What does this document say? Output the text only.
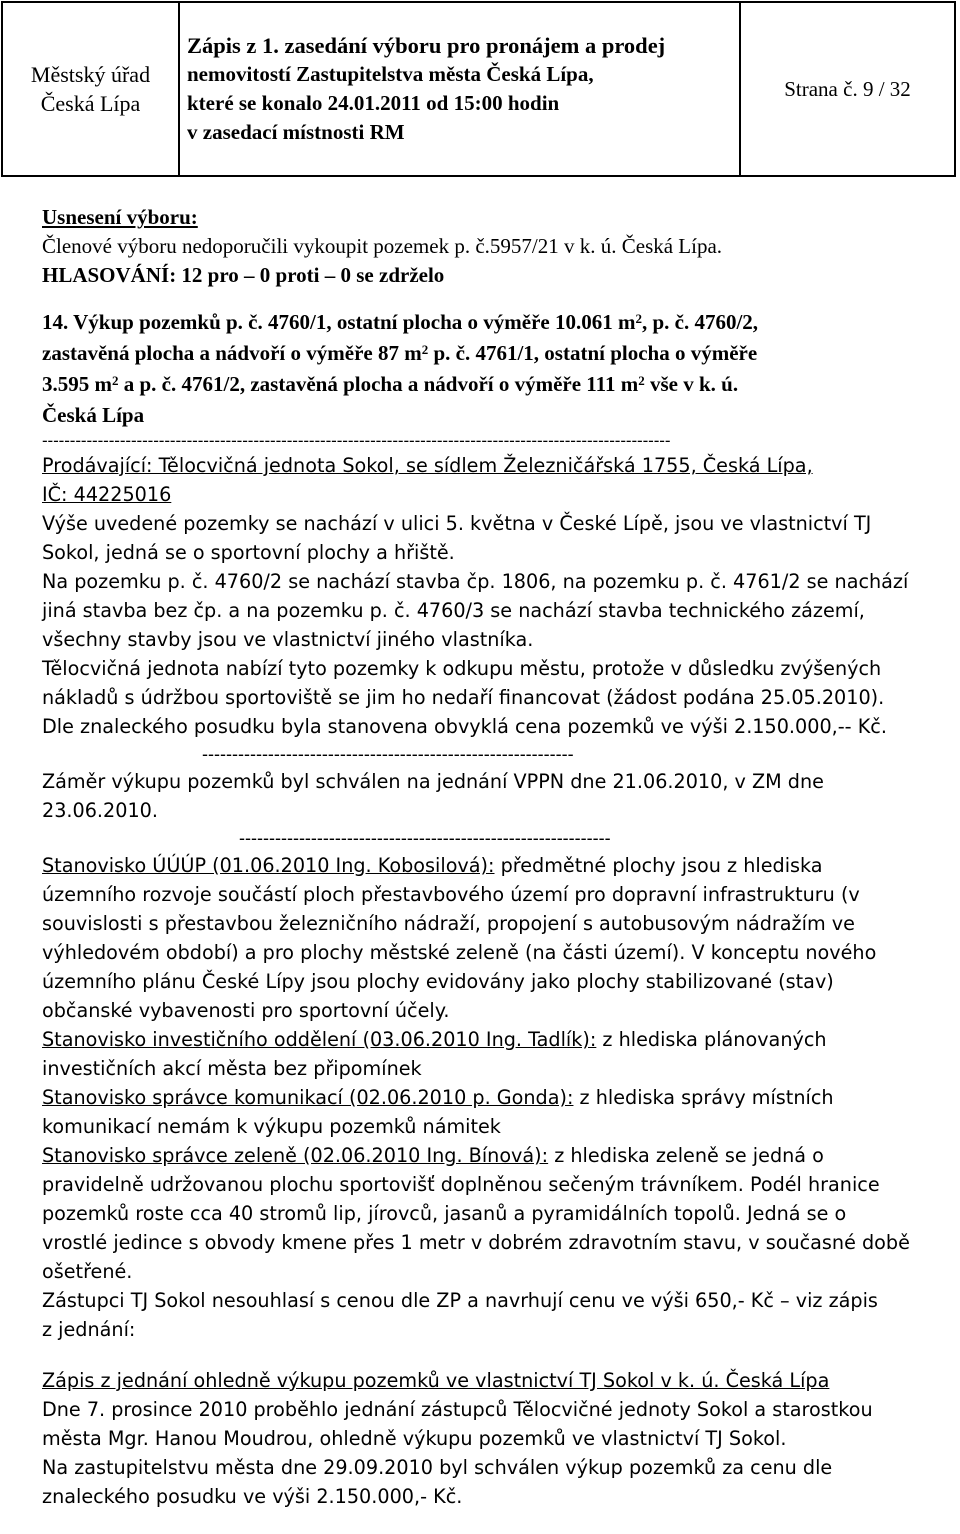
Městský úřad
Česká Lípa
Zápis z 1. zasedání výboru pro pronájem a prodej
nemovitostí Zastupitelstva města Česká Lípa,
které se konalo 24.01.2011 od 15:00 hodin
v zasedací místnosti RM
Strana č. 9 / 32
Usnesení výboru:
Členové výboru nedoporučili vykoupit pozemek p. č.5957/21 v k. ú. Česká Lípa.
HLASOVÁNÍ: 12 pro – 0 proti – 0 se zdrželo
14. Výkup pozemků p. č. 4760/1, ostatní plocha o výměře 10.061 $m^2$, p. č. 4760/2,
zastavěná plocha a nádvoří o výměře 87 $m^2$ p. č. 4761/1, ostatní plocha o výměře
3.595 $m^2$ a p. č. 4761/2, zastavěná plocha a nádvoří o výměře 111 $m^2$ vše v k. ú.
Česká Lípa
-----------------------------------------------------------------------------------------------------------------
Prodávající: Tělocvičná jednota Sokol, se sídlem Železničářská 1755, Česká Lípa,
IČ: 44225016
Výše uvedené pozemky se nachází v ulici 5. května v České Lípě, jsou ve vlastnictví TJ
Sokol, jedná se o sportovní plochy a hřiště.
Na pozemku p. č. 4760/2 se nachází stavba čp. 1806, na pozemku p. č. 4761/2 se nachází
jiná stavba bez čp. a na pozemku p. č. 4760/3 se nachází stavba technického zázemí,
všechny stavby jsou ve vlastnictví jiného vlastníka.
Tělocvičná jednota nabízí tyto pozemky k odkupu městu, protože v důsledku zvýšených
nákladů s údržbou sportoviště se jim ho nedaří financovat (žádost podána 25.05.2010).
Dle znaleckého posudku byla stanovena obvyklá cena pozemků ve výši 2.150.000,-- Kč.
--------------------------------------------------------------
Záměr výkupu pozemků byl schválen na jednání VPPN dne 21.06.2010, v ZM dne
23.06.2010.
--------------------------------------------------------------
Stanovisko ÚÚÚP (01.06.2010 Ing. Kobosilová): předmětné plochy jsou z hlediska
územního rozvoje součástí ploch přestavbového území pro dopravní infrastrukturu (v
souvislosti s přestavbou železničního nádraží, propojení s autobusovým nádražím ve
výhledovém období) a pro plochy městské zeleně (na části území). V konceptu nového
územního plánu České Lípy jsou plochy evidovány jako plochy stabilizované (stav)
občanské vybavenosti pro sportovní účely.
Stanovisko investičního oddělení (03.06.2010 Ing. Tadlík): z hlediska plánovaných
investičních akcí města bez připomínek
Stanovisko správce komunikací (02.06.2010 p. Gonda): z hlediska správy místních
komunikací nemám k výkupu pozemků námitek
Stanovisko správce zeleně (02.06.2010 Ing. Bínová): z hlediska zeleně se jedná o
pravidelně udržovanou plochu sportovišť doplněnou sečeným trávníkem. Podél hranice
pozemků roste cca 40 stromů lip, jírovců, jasanů a pyramidálních topolů. Jedná se o
vrostlé jedince s obvody kmene přes 1 metr v dobrém zdravotním stavu, v současné době
ošetřené.
Zástupci TJ Sokol nesouhlasí s cenou dle ZP a navrhují cenu ve výši 650,- Kč – viz zápis
z jednání:
Zápis z jednání ohledně výkupu pozemků ve vlastnictví TJ Sokol v k. ú. Česká Lípa
Dne 7. prosince 2010 proběhlo jednání zástupců Tělocvičné jednoty Sokol a starostkou
města Mgr. Hanou Moudrou, ohledně výkupu pozemků ve vlastnictví TJ Sokol.
Na zastupitelstvu města dne 29.09.2010 byl schválen výkup pozemků za cenu dle
znaleckého posudku ve výši 2.150.000,- Kč.
